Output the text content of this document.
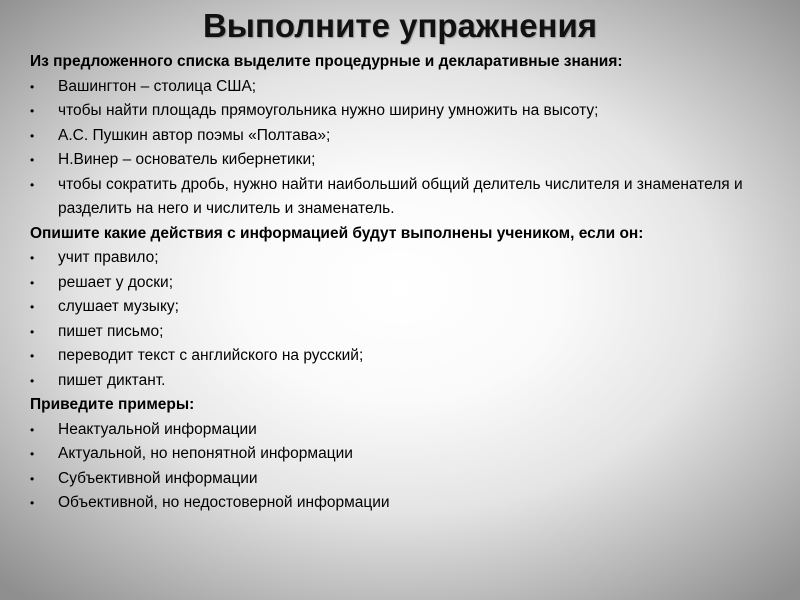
Выполните упражнения
Из предложенного списка выделите процедурные и декларативные знания:
•	Вашингтон – столица США;
•	чтобы найти площадь прямоугольника нужно ширину умножить на высоту;
•	А.С. Пушкин автор поэмы «Полтава»;
•	Н.Винер – основатель кибернетики;
•	чтобы сократить дробь, нужно найти наибольший общий делитель числителя и знаменателя и разделить на него и числитель и знаменатель.
Опишите какие действия с информацией будут выполнены учеником, если он:
•	учит правило;
•	решает у доски;
•	слушает музыку;
•	пишет письмо;
•	переводит текст с английского на русский;
•	пишет диктант.
Приведите примеры:
•	Неактуальной информации
•	Актуальной, но непонятной информации
•	Субъективной информации
•	Объективной, но недостоверной информации
